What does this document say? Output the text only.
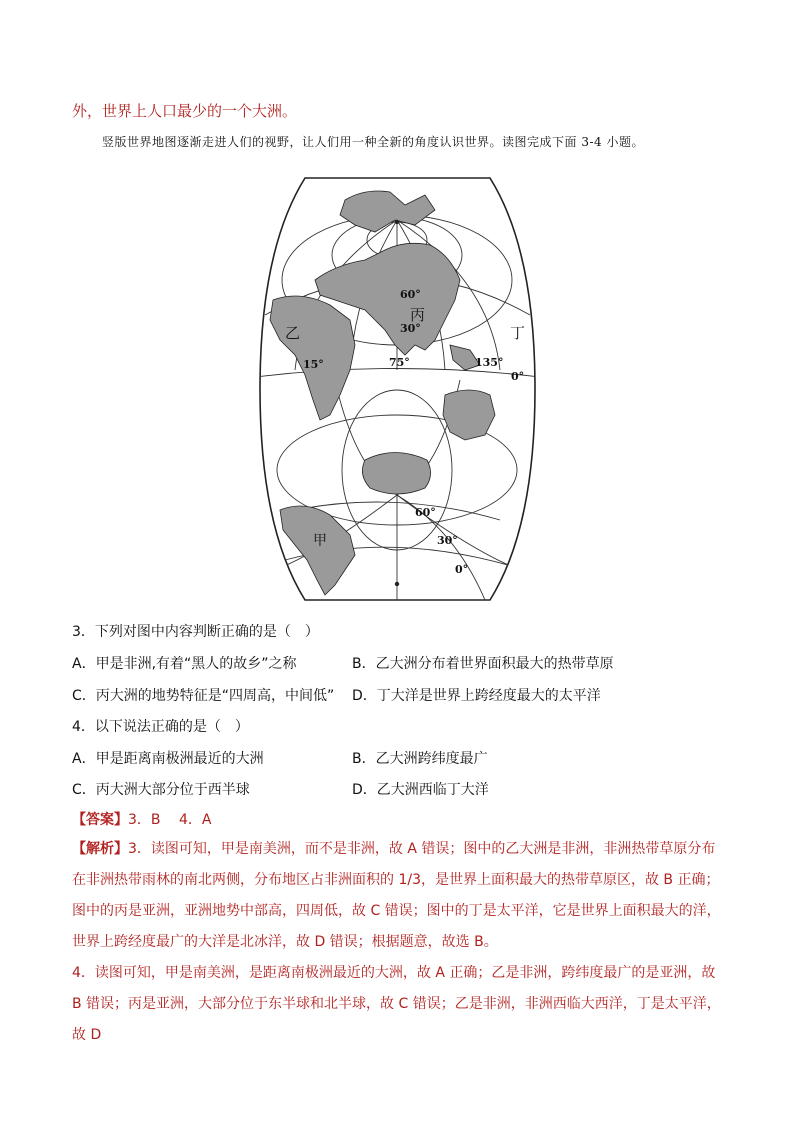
外，世界上人口最少的一个大洲。
竖版世界地图逐渐走进人们的视野，让人们用一种全新的角度认识世界。读图完成下面 3-4 小题。
甲
乙
丙
丁
60°
30°
15°	75°	135°
0°
60°
30°
0°
3．下列对图中内容判断正确的是（　）
A．甲是非洲,有着“黑人的故乡”之称	B．乙大洲分布着世界面积最大的热带草原
C．丙大洲的地势特征是“四周高，中间低” D．丁大洋是世界上跨经度最大的太平洋
4．以下说法正确的是（　）
A．甲是距离南极洲最近的大洲	B．乙大洲跨纬度最广
C．丙大洲大部分位于西半球	D．乙大洲西临丁大洋
【答案】3．B　 4．A
【解析】3．读图可知，甲是南美洲，而不是非洲，故 A 错误；图中的乙大洲是非洲，非洲热带草原分布在非洲热带雨林的南北两侧，分布地区占非洲面积的 1/3，是世界上面积最大的热带草原区，故 B 正确；图中的丙是亚洲，亚洲地势中部高，四周低，故 C 错误；图中的丁是太平洋，它是世界上面积最大的洋，世界上跨经度最广的大洋是北冰洋，故 D 错误；根据题意，故选 B。
4．读图可知，甲是南美洲，是距离南极洲最近的大洲，故 A 正确；乙是非洲，跨纬度最广的是亚洲，故 B 错误；丙是亚洲，大部分位于东半球和北半球，故 C 错误；乙是非洲，非洲西临大西洋，丁是太平洋，故 D
